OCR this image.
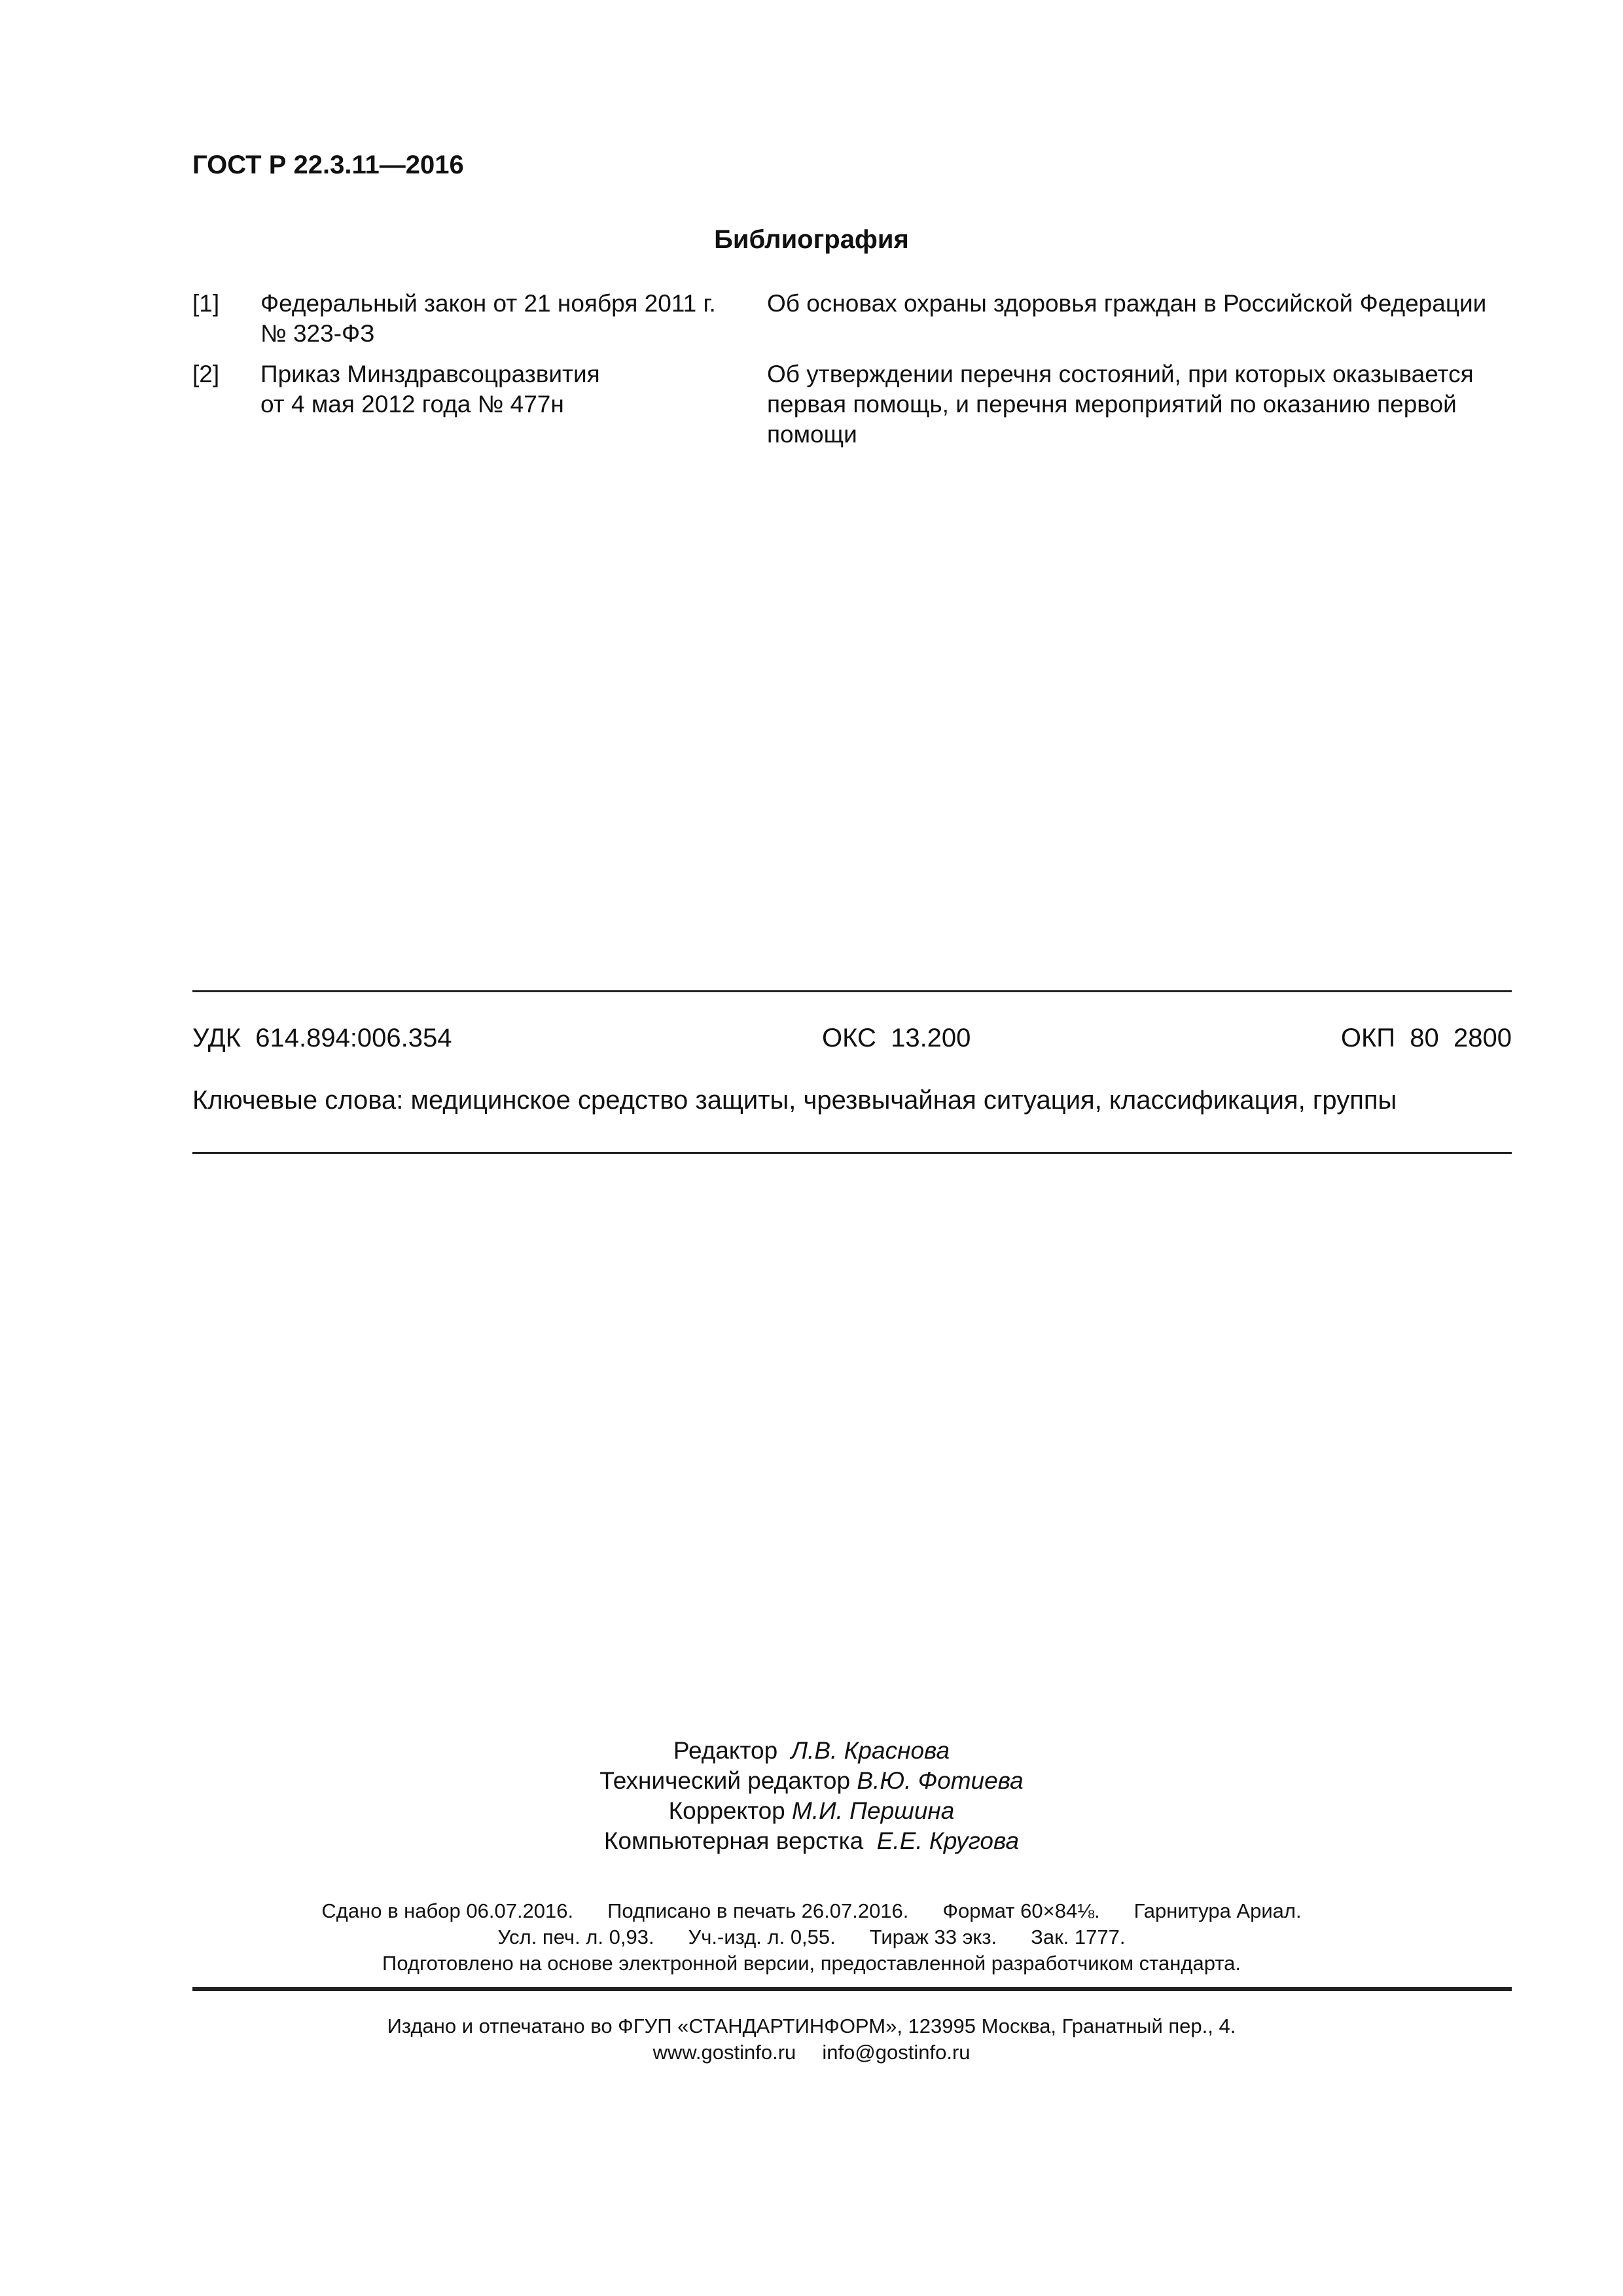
ГОСТ Р 22.3.11—2016
Библиография
[1] Федеральный закон от 21 ноября 2011 г.
№ 323-ФЗ
Об основах охраны здоровья граждан в Российской Федерации
[2] Приказ Минздравсоцразвития
от 4 мая 2012 года № 477н
Об утверждении перечня состояний, при которых оказывается
первая помощь, и перечня мероприятий по оказанию первой
помощи
УДК  614.894:006.354	ОКС  13.200	ОКП  80  2800
Ключевые слова: медицинское средство защиты, чрезвычайная ситуация, классификация, группы
Редактор Л.В. Краснова
Технический редактор В.Ю. Фотиева
Корректор М.И. Першина
Компьютерная верстка Е.Е. Кругова
Сдано в набор 06.07.2016. Подписано в печать 26.07.2016. Формат 60×84⅛. Гарнитура Ариал.
Усл. печ. л. 0,93. Уч.-изд. л. 0,55. Тираж 33 экз. Зак. 1777.
Подготовлено на основе электронной версии, предоставленной разработчиком стандарта.
Издано и отпечатано во ФГУП «СТАНДАРТИНФОРМ», 123995 Москва, Гранатный пер., 4.
www.gostinfo.ru info@gostinfo.ru
